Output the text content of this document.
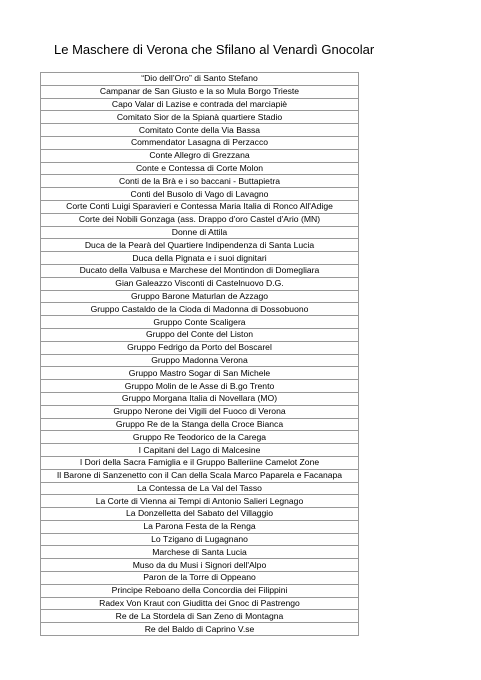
Le Maschere di Verona che Sfilano al Venardì Gnocolar
“Dio dell’Oro” di Santo Stefano
Campanar de San Giusto e la so Mula Borgo Trieste
Capo Valar di Lazise e contrada del marciapiè
Comitato Sior de la Spianà quartiere Stadio
Comitato Conte della Via Bassa
Commendator Lasagna di Perzacco
Conte Allegro di Grezzana
Conte e Contessa di Corte Molon
Conti de la Brà e i so baccani - Buttapietra
Conti del Busolo di Vago di Lavagno
Corte Conti Luigi Sparavieri e Contessa Maria Italia di Ronco All'Adige
Corte dei Nobili Gonzaga (ass. Drappo d'oro Castel d'Ario (MN)
Donne di Attila
Duca de la Pearà del Quartiere Indipendenza di Santa Lucia
Duca della Pignata e i suoi dignitari
Ducato della Valbusa e Marchese del Montindon di Domegliara
Gian Galeazzo Visconti di Castelnuovo D.G.
Gruppo Barone Maturlan de Azzago
Gruppo Castaldo de la Cioda di Madonna di Dossobuono
Gruppo Conte Scaligera
Gruppo del Conte del Liston
Gruppo Fedrigo da Porto del Boscarel
Gruppo Madonna Verona
Gruppo Mastro Sogar di San Michele
Gruppo Molin de le Asse di B.go Trento
Gruppo Morgana Italia di Novellara (MO)
Gruppo Nerone dei Vigili del Fuoco di Verona
Gruppo Re de la Stanga della Croce Bianca
Gruppo Re Teodorico de la Carega
I Capitani del Lago di Malcesine
I Dori della Sacra Famiglia e il Gruppo Balleriine Camelot Zone
Il Barone di Sanzenetto con il Can della Scala Marco Paparela e Facanapa
La Contessa de La Val del Tasso
La Corte di Vienna ai Tempi di Antonio Salieri Legnago
La Donzelletta del Sabato del Villaggio
La Parona Festa de la Renga
Lo Tzigano di Lugagnano
Marchese di Santa Lucia
Muso da du Musi i Signori dell'Alpo
Paron de la Torre di Oppeano
Principe Reboano della Concordia dei Filippini
Radex Von Kraut con Giuditta dei Gnoc di Pastrengo
Re de La Stordela di San Zeno di Montagna
Re del Baldo di Caprino V.se
